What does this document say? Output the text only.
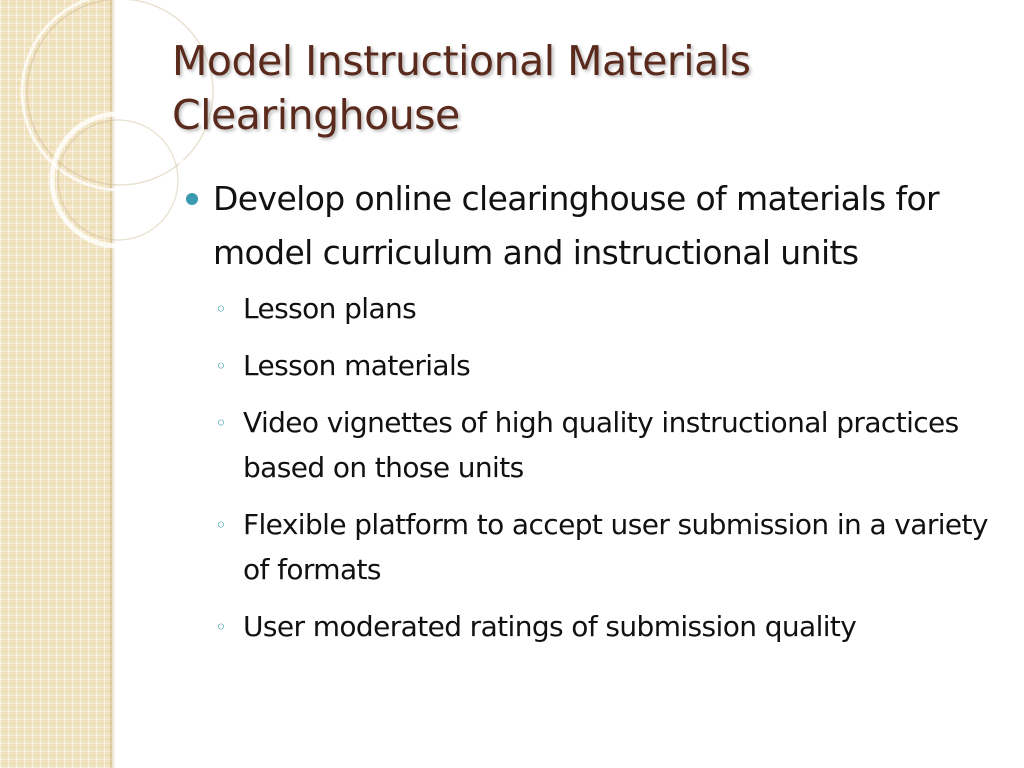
Model Instructional Materials
Clearinghouse
Develop online clearinghouse of materials for model curriculum and instructional units
◦ Lesson plans
◦ Lesson materials
◦ Video vignettes of high quality instructional practices based on those units
◦ Flexible platform to accept user submission in a variety of formats
◦ User moderated ratings of submission quality
